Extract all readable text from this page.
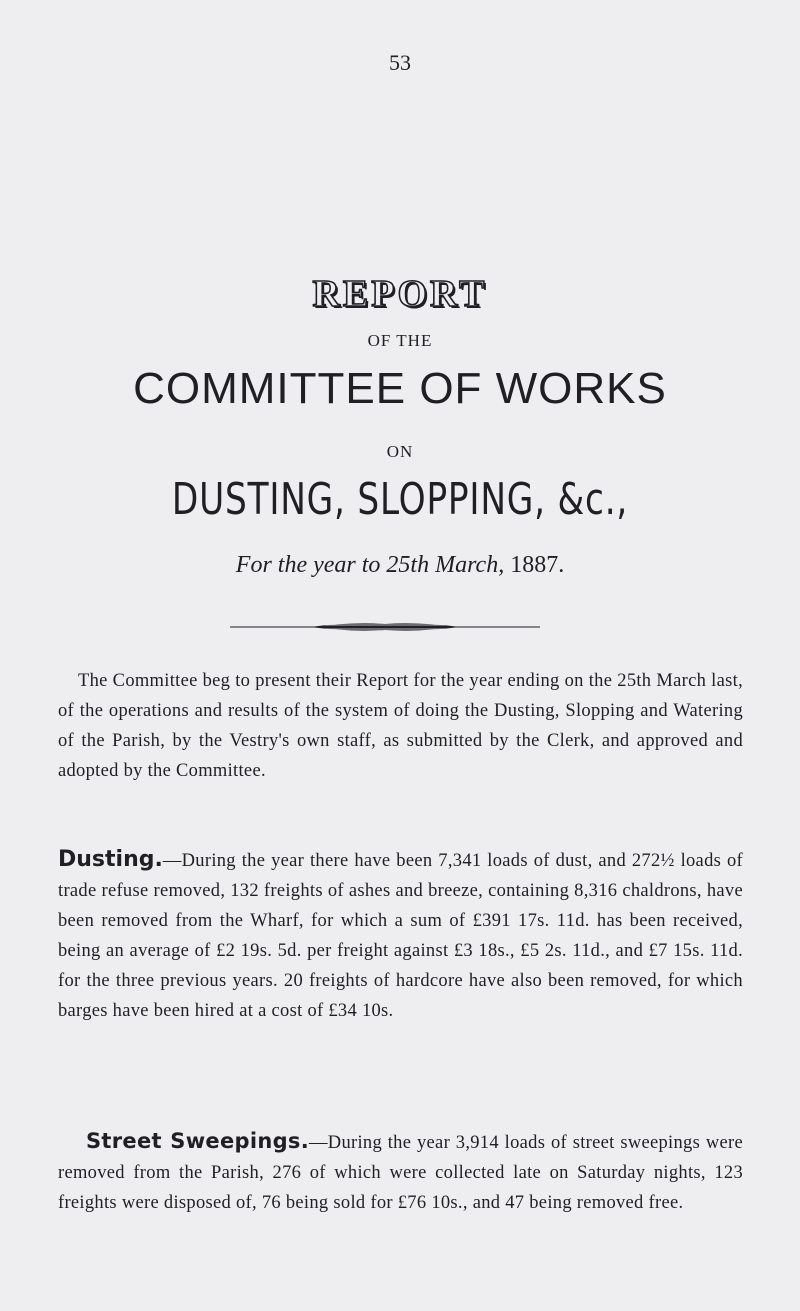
53
REPORT
OF THE
COMMITTEE OF WORKS
ON
DUSTING, SLOPPING, &c.,
For the year to 25th March, 1887.
The Committee beg to present their Report for the year ending on the 25th March last, of the operations and results of the system of doing the Dusting, Slopping and Watering of the Parish, by the Vestry's own staff, as submitted by the Clerk, and approved and adopted by the Committee.
Dusting.—During the year there have been 7,341 loads of dust, and 272½ loads of trade refuse removed, 132 freights of ashes and breeze, containing 8,316 chaldrons, have been removed from the Wharf, for which a sum of £391 17s. 11d. has been received, being an average of £2 19s. 5d. per freight against £3 18s., £5 2s. 11d., and £7 15s. 11d. for the three previous years. 20 freights of hardcore have also been removed, for which barges have been hired at a cost of £34 10s.
Street Sweepings.—During the year 3,914 loads of street sweepings were removed from the Parish, 276 of which were collected late on Saturday nights, 123 freights were disposed of, 76 being sold for £76 10s., and 47 being removed free.
